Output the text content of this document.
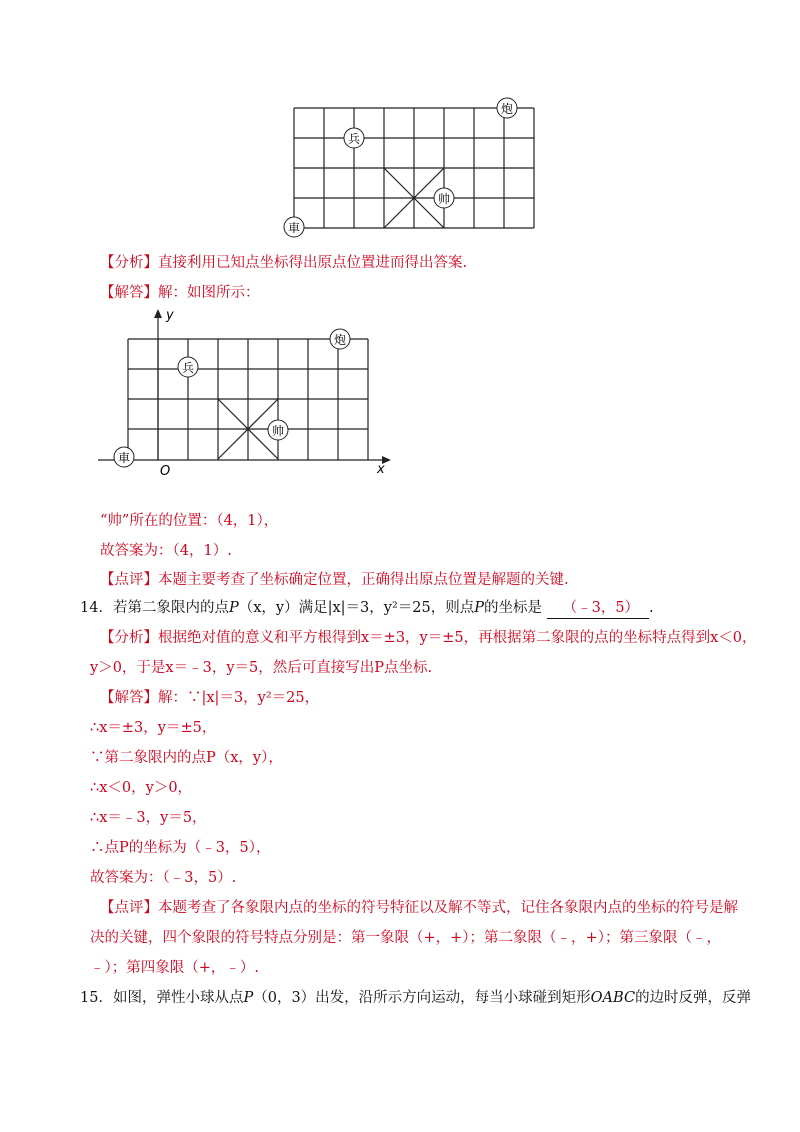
炮
兵
帅
車
【分析】直接利用已知点坐标得出原点位置进而得出答案.
【解答】解：如图所示：
y
x
O
炮
兵
帅
車
“帅”所在的位置：（4，1），
故答案为：（4，1）.
【点评】本题主要考查了坐标确定位置，正确得出原点位置是解题的关键.
14．若第二象限内的点P（x，y）满足|x|＝3，y²＝25，则点P的坐标是 （﹣3，5） .
【分析】根据绝对值的意义和平方根得到x＝±3，y＝±5，再根据第二象限的点的坐标特点得到x＜0，
y＞0，于是x＝﹣3，y＝5，然后可直接写出P点坐标.
【解答】解：∵|x|＝3，y²＝25，
∴x＝±3，y＝±5，
∵第二象限内的点P（x，y），
∴x＜0，y＞0，
∴x＝﹣3，y＝5，
∴点P的坐标为（﹣3，5），
故答案为：（﹣3，5）.
【点评】本题考查了各象限内点的坐标的符号特征以及解不等式，记住各象限内点的坐标的符号是解
决的关键，四个象限的符号特点分别是：第一象限（+，+）；第二象限（﹣，+）；第三象限（﹣，
﹣）；第四象限（+，﹣）.
15．如图，弹性小球从点P（0，3）出发，沿所示方向运动，每当小球碰到矩形OABC的边时反弹，反弹
